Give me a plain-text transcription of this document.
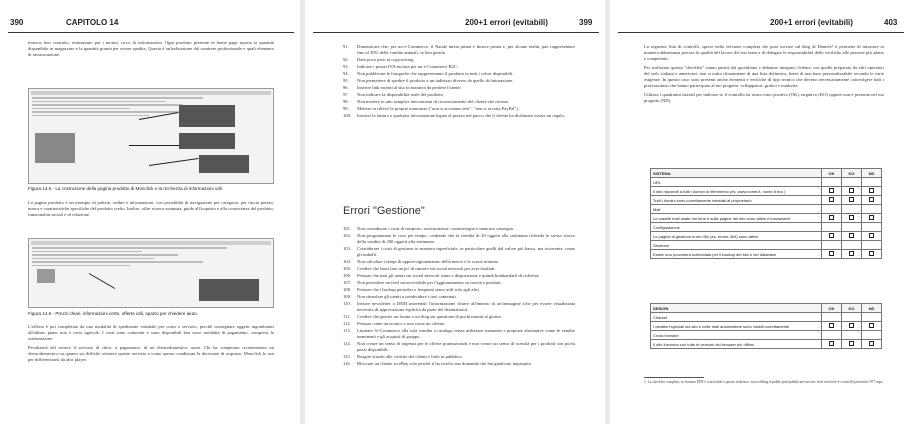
390	CAPITOLO 14

tronica: ben costruito, ottimizzato per i motori, ricco di informazioni. Ogni prodotto presente in home page riporta la quantità disponibile in magazzino e la quantità pronta per essere spedita. Questa è un'indicazione dal carattere professionale e quali elemento di rassicurazione.

Figura 14.5 - La costruzione della pagina prodotto di Monclick e la ricchezza di informazioni utili.

La pagina prodotto è un esempio di pulizia, ordine e informazioni, con possibilità di navigazione per categoria, per fascia prezzo, marca e caratteristiche specifiche del prodotto scelto. Inoltre, offre ricerca avanzata, guide all'acquisto e alla conoscenza del prodotto, funzionalità sociali e di relazione.

Figura 14.6 - Prezzi chiari, informazioni certe, offerte utili, spazio per chiedere aiuto.

L'offerta è poi completata da una modalità di spedizione variabile per costo e servizio, perché consegnare oggetti ingombranti all'ultimo piano non è certo agevole. I costi sono contenuti e sono disponibili ben nove modalità di pagamento, compresa la rateizzazione.

Peculiarità del settore il servizio di ritiro, a pagamento, di un elettrodomestico usato. Chi ha comperato recentemente un elettrodomestico sa quanto sia difficile ottenere questo servizio e come spesso condizioni la decisione di acquisto. Monclick lo usa per differenziarsi da altri player.

200+1 errori (evitabili)	399
91. Dimenticare che, per un e-Commerce, il Natale inizia prima e finisce prima e, per alcune realtà, può rappresentare fino al 30% delle vendite annuali, se ben gestito.
92. Dare poco peso al copywriting.
93. Indicare i prezzi IVA esclusa per un e-Commerce B2C.
94. Non pubblicare le fotografie che rappresentano il prodotto in tutti i colori disponibili.
95. Non permettere di spedire il prodotto a un indirizzo diverso da quello di fatturazione.
96. Inserire link esterni al sito in maniera da perdere l'utente.
97. Non indicare la disponibilità reale del prodotto.
98. Non mettere in atto semplici meccanismi di riconoscimento del cliente che ritorna.
99. Mettere in rilievo le proprie mancanze ("non si accettano resi", "non si accetta PayPal").
100. Inserire la fattura o qualsiasi informazione legata al prezzo nel pacco che il cliente ha dichiarato essere un regalo.
Errori "Gestione"
101. Non considerare i costi di trasporto, assicurazione, contrassegno e mancata consegna.
102. Non programmare le cose per tempo, credendo che la vendita di 20 oggetti alla settimana richieda lo stesso sforzo della vendita di 200 oggetti alla settimana.
103. Considerare i costi di gestione in maniera superficiale, in particolare quelli dal valore più basso, ma ricorrente, come gli imballi.
104. Non calcolare i tempi di approvvigionamento della merce e le scorte minime.
105. Credere che basti fare un po' di rumore sui social network per aver risultati.
106. Pensare che tutti gli utenti sui social network siano a disposizione e quindi bombardarli di richieste.
107. Non prevedere un feed sottoscrivibile per l'aggiornamento su novità e prodotti.
108. Pensare che i backup periodici e frequenti siano utili solo agli altri.
109. Non stimolare gli utenti a condividere i tuoi contenuti.
110. Inviare newsletter o DEM inserendo l'informazione chiave all'interno di un'immagine (che per essere visualizzata necessita di approvazione esplicita da parte del destinatario).
111. Credere che gestire un forum o un blog sia questione di pochi minuti al giorno.
112. Pensare come un tecnico e non come un cliente.
113. Limitare l'e-Commerce alla sola vendita a catalogo senza utilizzare strumenti e proposte alternative come le vendite imminenti e gli acquisti di gruppo.
114. Non creare un senso di urgenza per le offerte promozionali e non creare un senso di scarsità per i prodotti con pochi pezzi disponibili.
115. Reagire stizziti alle critiche dei clienti e farlo in pubblico.
116. Bloccare un cliente su eBay solo perché ti ha rivolto una domanda che hai giudicato impropria.
200+1 errori (evitabili)	403

La seguente lista di controlli, specie nella versione completa che puoi trovare sul blog di Daniele¹ ti permette di misurare in maniera abbastanza precisa la qualità del lavoro del tuo team e di delegare le responsabilità delle verifiche alle persone più adatte e competenti.

Per realizzare questa "checklist" siamo partiti dal quotidiano e abbiamo integrato l'elenco con quello preparato da altri operatori del web, italiani e americani: non si tratta chiaramente di una lista definitiva, bensì di una base personalizzabile secondo le varie esigenze. In questo caso sono presenti anche elementi e verifiche di tipo tecnico che devono necessariamente coinvolgere tutti i professionisti che hanno partecipato al tuo progetto: sviluppatori, grafici e marketer.

Utilizza i quadratini laterali per indicare se il controllo ha avuto esito positivo (OK), negativo (KO) oppure non è presente nel tuo progetto (ND).

SISTEMA	OK	KO	ND
URL			
Il sito risponde a tutti i domini di riferimento (es. www.nome.it, nome.it ecc.)			
Tutti i domini sono correttamente intestati al proprietario			
Mail			
Le caselle mail usate nei form e sulle pagine del sito sono attive e funzionanti			
Configurazione			
Le pagine di gestione errori 40x (es. errore 404) sono attive			
Gestione			
Esiste una procedura schedulata per il backup del sito e del database			
DESIGN	OK	KO	ND
Charset			
I caratteri speciali sul sito e nelle mail automatiche sono visibili correttamente			
Cross browser			
Il sito funziona con tutte le versioni dei browser più diffusi			
1. La checklist completa, in formato PDF è scaricabile a questo indirizzo: www.dtblog.it/public/post/pubblicare-un-sito-web-verifiche-e-controlli-preventivi-977.aspx.
